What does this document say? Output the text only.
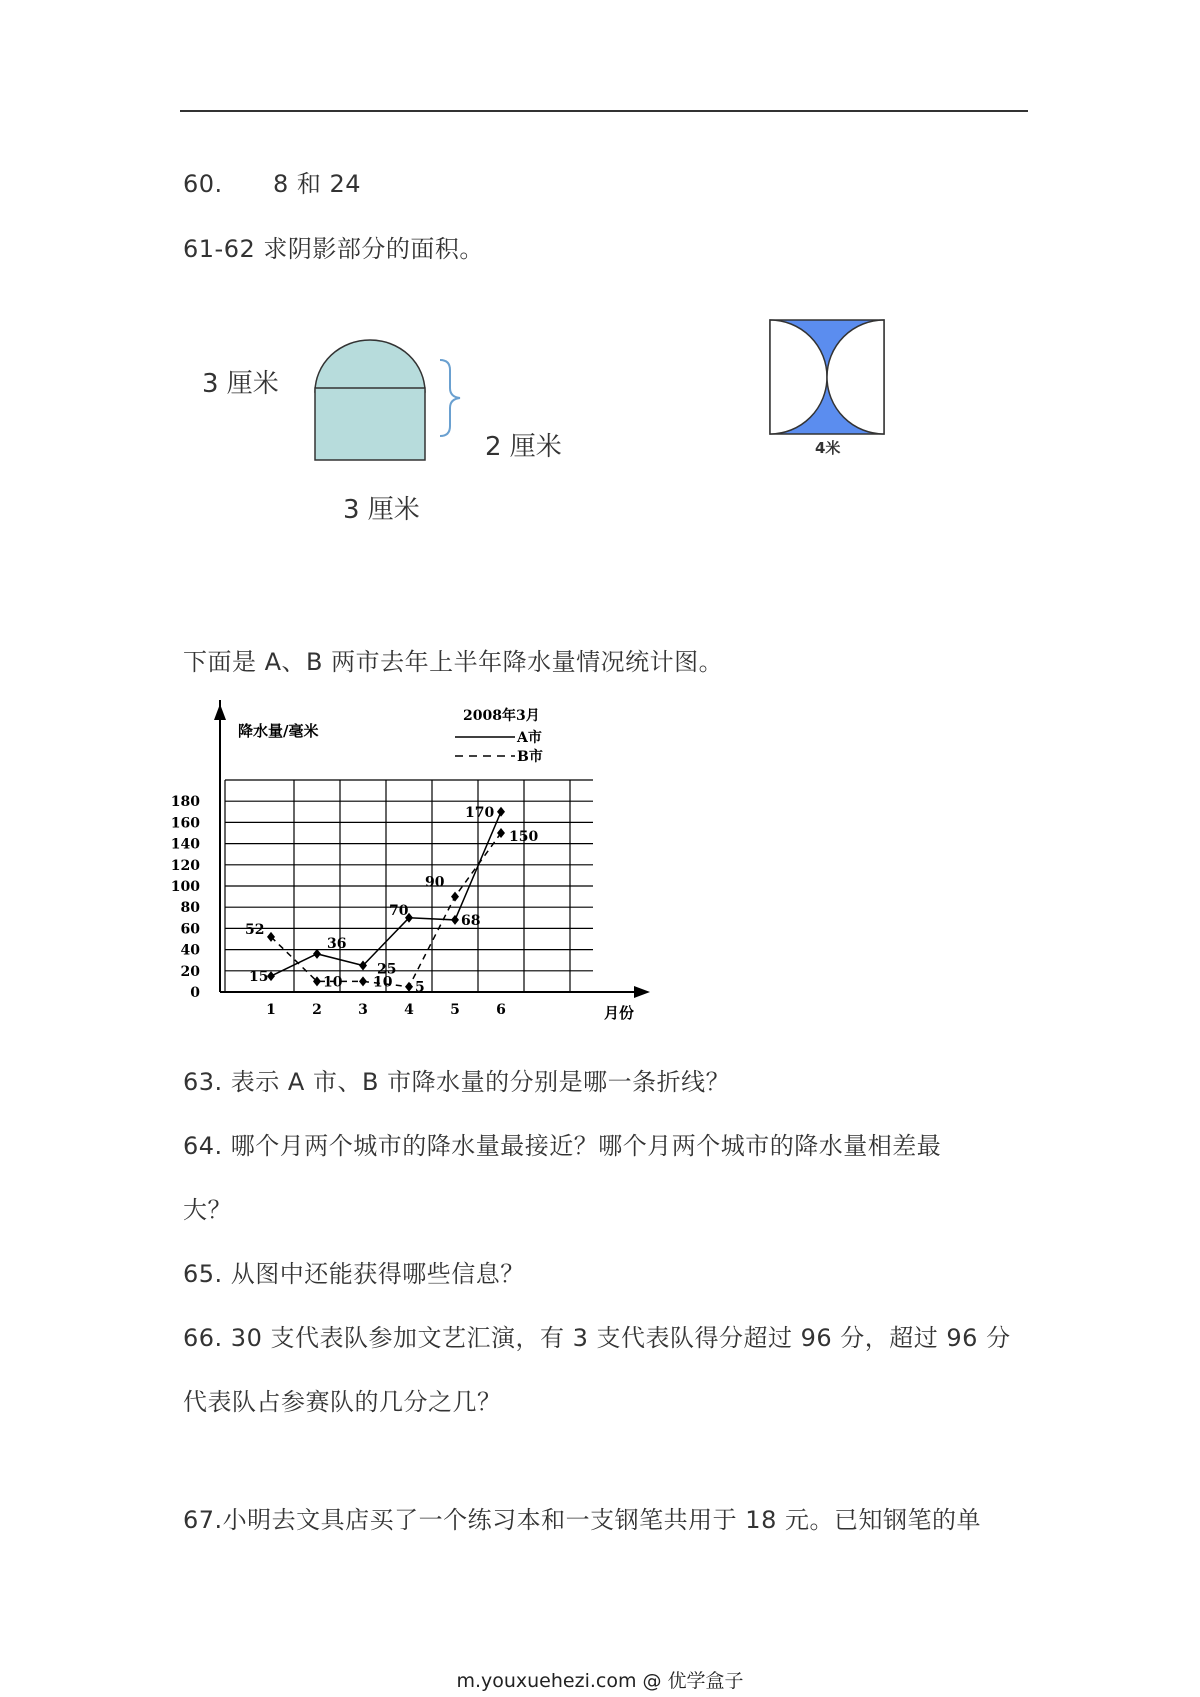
60. 8 和 24
61-62 求阴影部分的面积。
3 厘米
2 厘米
3 厘米
4米
下面是 A、B 两市去年上半年降水量情况统计图。
降水量/毫米
月份
2008年3月
A市
B市
0
20
40
60
80
100
120
140
160
180
1	2	3	4	5	6
15
36
25
70
68
170
52
10 10 5
90
150
63. 表示 A 市、B 市降水量的分别是哪一条折线？
64. 哪个月两个城市的降水量最接近？哪个月两个城市的降水量相差最
大？
65. 从图中还能获得哪些信息？
66. 30 支代表队参加文艺汇演，有 3 支代表队得分超过 96 分，超过 96 分
代表队占参赛队的几分之几？
67.小明去文具店买了一个练习本和一支钢笔共用于 18 元。已知钢笔的单
m.youxuehezi.com @ 优学盒子
